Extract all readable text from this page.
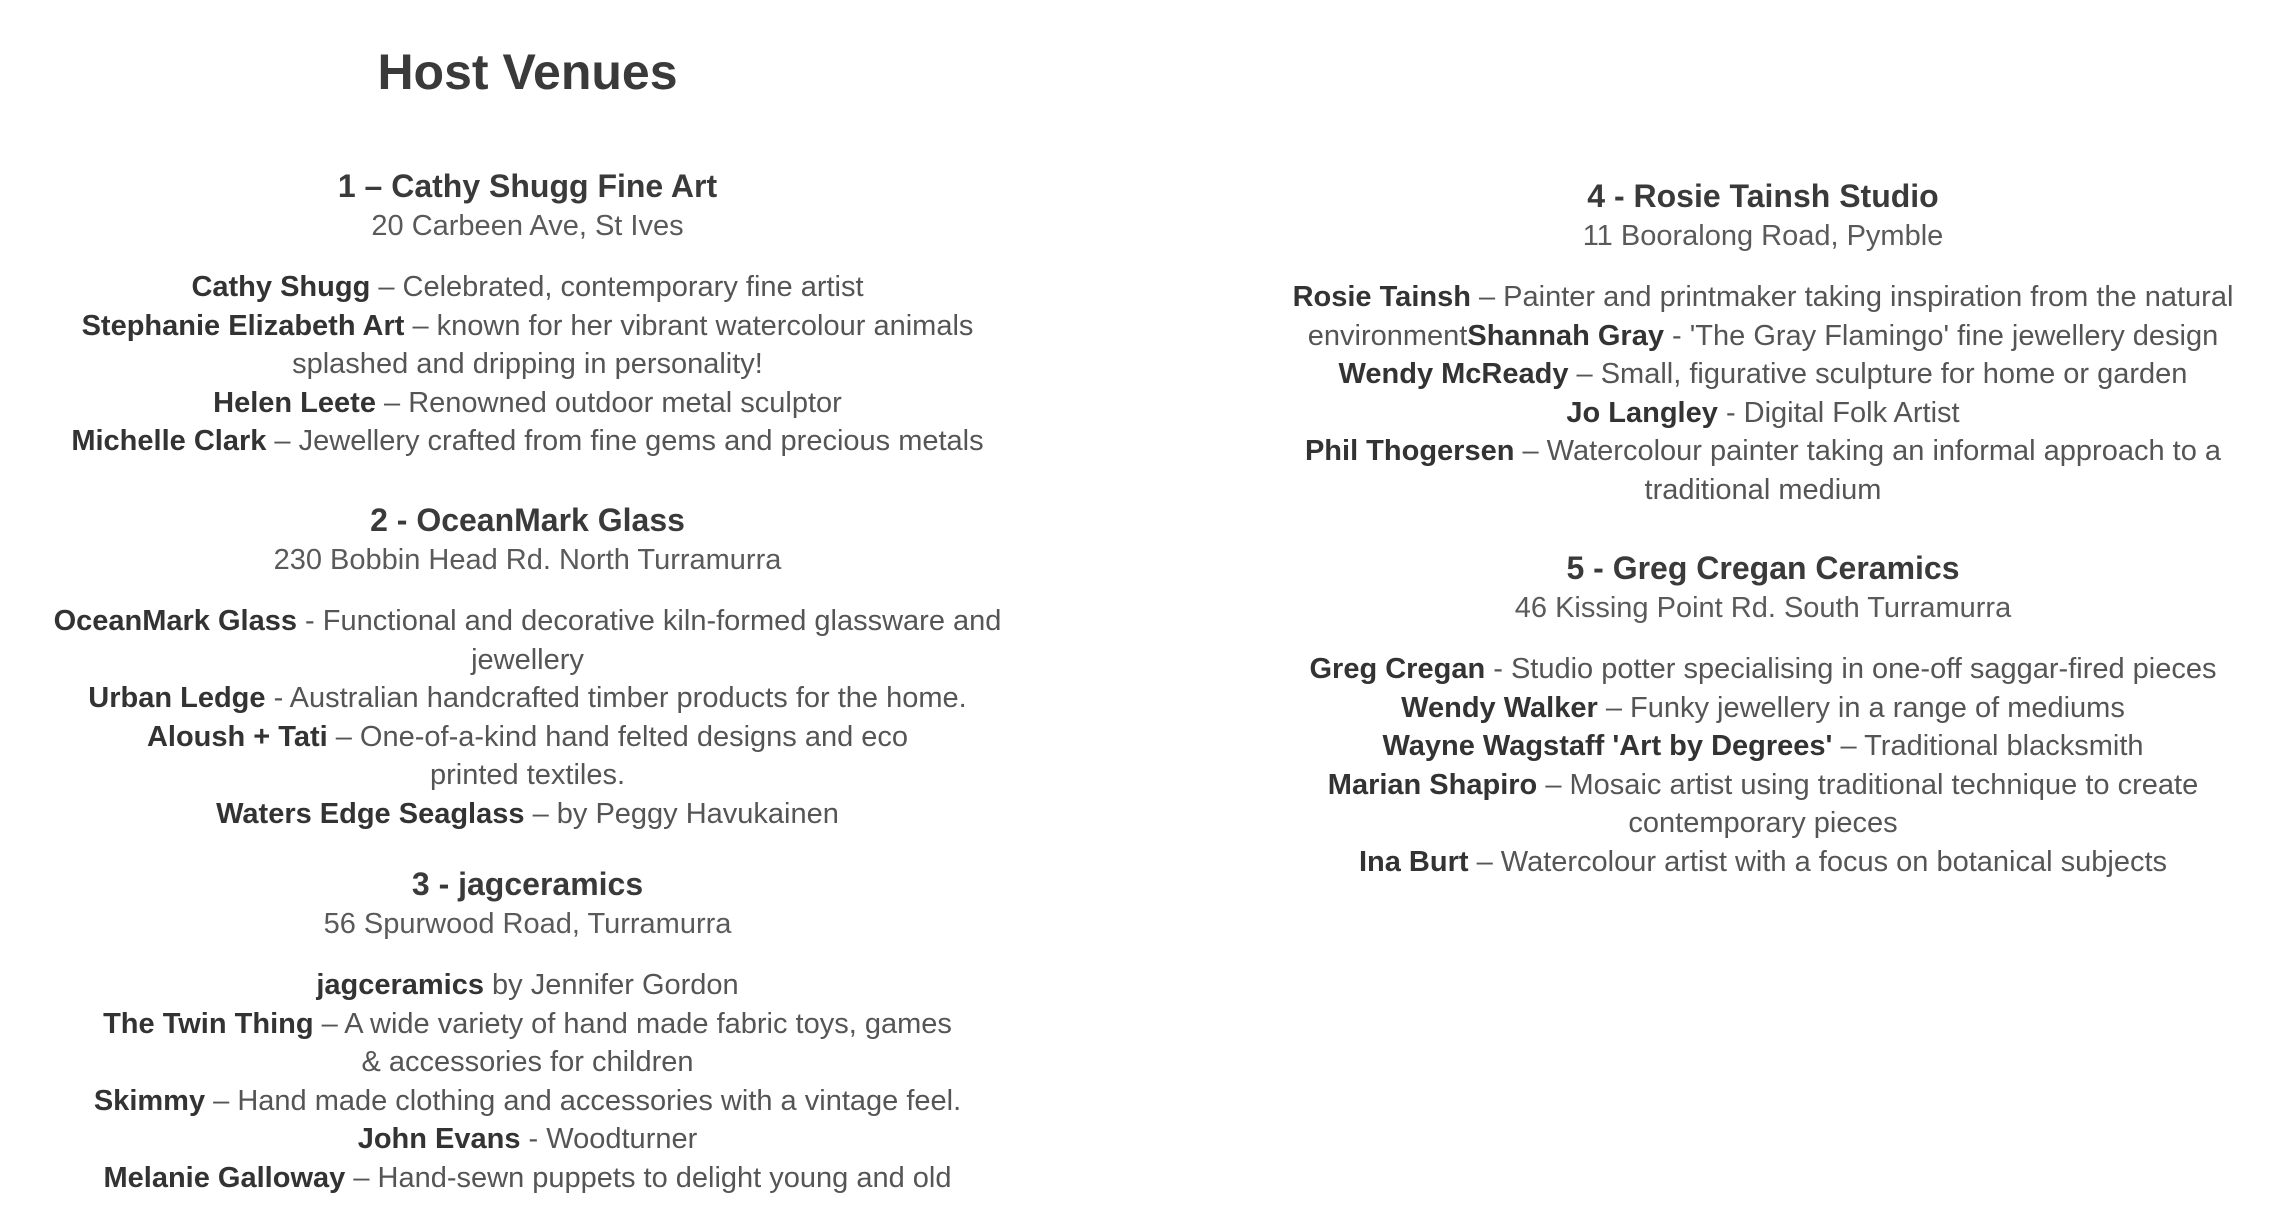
Host Venues
1 – Cathy Shugg Fine Art
20 Carbeen Ave, St Ives
Cathy Shugg – Celebrated, contemporary fine artist
Stephanie Elizabeth Art – known for her vibrant watercolour animals splashed and dripping in personality!
Helen Leete – Renowned outdoor metal sculptor
Michelle Clark – Jewellery crafted from fine gems and precious metals
2 - OceanMark Glass
230 Bobbin Head Rd. North Turramurra
OceanMark Glass - Functional and decorative kiln-formed glassware and jewellery
Urban Ledge - Australian handcrafted timber products for the home.
Aloush + Tati – One-of-a-kind hand felted designs and eco printed textiles.
Waters Edge Seaglass – by Peggy Havukainen
3 - jagceramics
56 Spurwood Road, Turramurra
jagceramics by Jennifer Gordon
The Twin Thing – A wide variety of hand made fabric toys, games & accessories for children
Skimmy – Hand made clothing and accessories with a vintage feel.
John Evans - Woodturner
Melanie Galloway – Hand-sewn puppets to delight young and old
4 - Rosie Tainsh Studio
11 Booralong Road, Pymble
Rosie Tainsh – Painter and printmaker taking inspiration from the natural environmentShannah Gray - 'The Gray Flamingo' fine jewellery design
Wendy McReady – Small, figurative sculpture for home or garden
Jo Langley - Digital Folk Artist
Phil Thogersen – Watercolour painter taking an informal approach to a traditional medium
5 - Greg Cregan Ceramics
46 Kissing Point Rd. South Turramurra
Greg Cregan - Studio potter specialising in one-off saggar-fired pieces
Wendy Walker – Funky jewellery in a range of mediums
Wayne Wagstaff 'Art by Degrees' – Traditional blacksmith
Marian Shapiro – Mosaic artist using traditional technique to create contemporary pieces
Ina Burt – Watercolour artist with a focus on botanical subjects
